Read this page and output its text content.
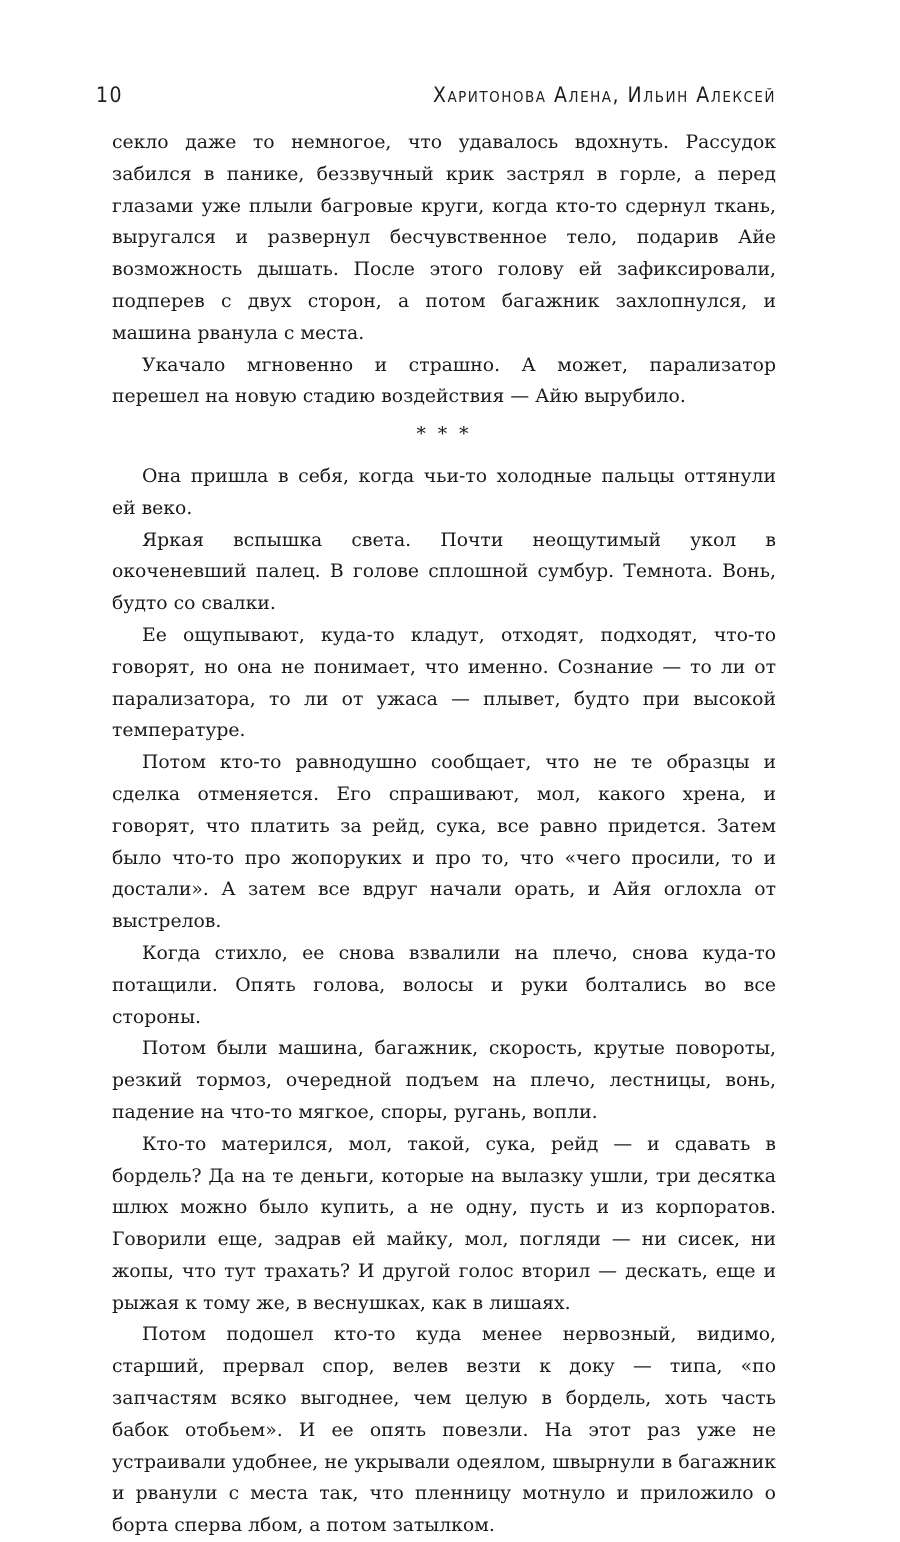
10	Харитонова Алена, Ильин Алексей

секло даже то немногое, что удавалось вдохнуть. Рассудок забился в панике, беззвучный крик застрял в горле, а перед глазами уже плыли багровые круги, когда кто-то сдернул ткань, выругался и развернул бесчувственное тело, подарив Айе возможность дышать. После этого голову ей зафиксировали, подперев с двух сторон, а потом багажник захлопнулся, и машина рванула с места.

Укачало мгновенно и страшно. А может, парализатор перешел на новую стадию воздействия — Айю вырубило.

* * *

Она пришла в себя, когда чьи-то холодные пальцы оттянули ей веко.

Яркая вспышка света. Почти неощутимый укол в окоченевший палец. В голове сплошной сумбур. Темнота. Вонь, будто со свалки.

Ее ощупывают, куда-то кладут, отходят, подходят, что-то говорят, но она не понимает, что именно. Сознание — то ли от парализатора, то ли от ужаса — плывет, будто при высокой температуре.

Потом кто-то равнодушно сообщает, что не те образцы и сделка отменяется. Его спрашивают, мол, какого хрена, и говорят, что платить за рейд, сука, все равно придется. Затем было что-то про жопоруких и про то, что «чего просили, то и достали». А затем все вдруг начали орать, и Айя оглохла от выстрелов.

Когда стихло, ее снова взвалили на плечо, снова куда-то потащили. Опять голова, волосы и руки болтались во все стороны.

Потом были машина, багажник, скорость, крутые повороты, резкий тормоз, очередной подъем на плечо, лестницы, вонь, падение на что-то мягкое, споры, ругань, вопли.

Кто-то матерился, мол, такой, сука, рейд — и сдавать в бордель? Да на те деньги, которые на вылазку ушли, три десятка шлюх можно было купить, а не одну, пусть и из корпоратов. Говорили еще, задрав ей майку, мол, погляди — ни сисек, ни жопы, что тут трахать? И другой голос вторил — дескать, еще и рыжая к тому же, в веснушках, как в лишаях.

Потом подошел кто-то куда менее нервозный, видимо, старший, прервал спор, велев везти к доку — типа, «по запчастям всяко выгоднее, чем целую в бордель, хоть часть бабок отобьем». И ее опять повезли. На этот раз уже не устраивали удобнее, не укрывали одеялом, швырнули в багажник и рванули с места так, что пленницу мотнуло и приложило о борта сперва лбом, а потом затылком.
